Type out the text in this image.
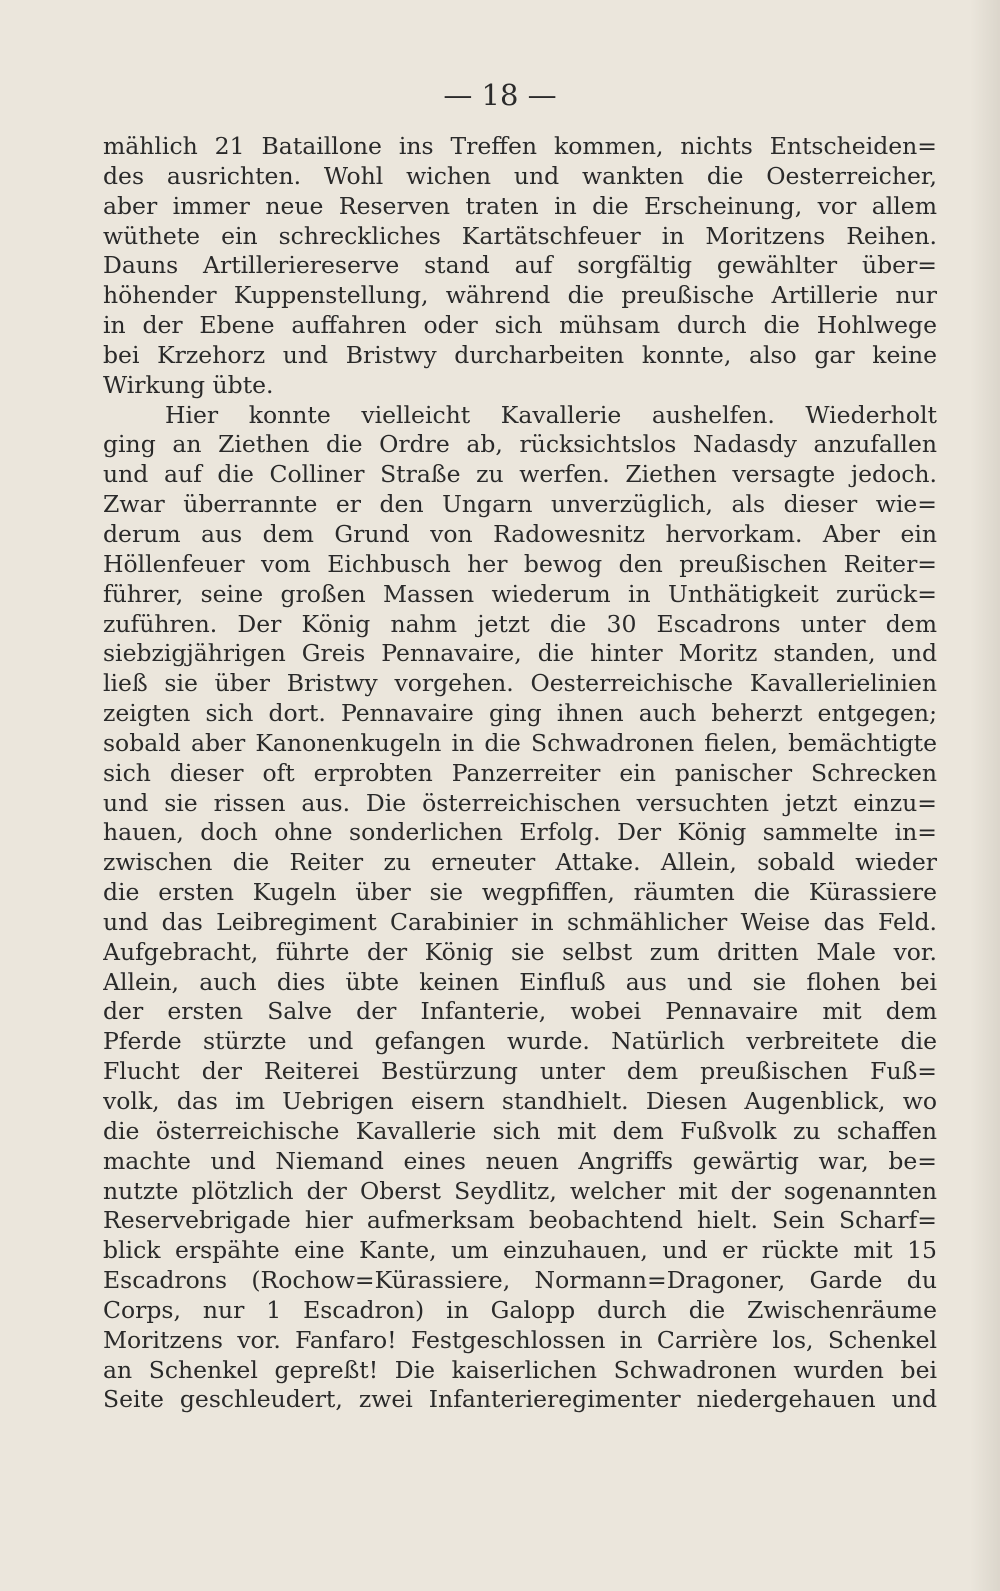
— 18 —
mählich 21 Bataillone ins Treffen kommen, nichts Entscheiden=
des ausrichten. Wohl wichen und wankten die Oesterreicher,
aber immer neue Reserven traten in die Erscheinung, vor allem
wüthete ein schreckliches Kartätschfeuer in Moritzens Reihen.
Dauns Artilleriereserve stand auf sorgfältig gewählter über=
höhender Kuppenstellung, während die preußische Artillerie nur
in der Ebene auffahren oder sich mühsam durch die Hohlwege
bei Krzehorz und Bristwy durcharbeiten konnte, also gar keine
Wirkung übte.
Hier konnte vielleicht Kavallerie aushelfen. Wiederholt
ging an Ziethen die Ordre ab, rücksichtslos Nadasdy anzufallen
und auf die Colliner Straße zu werfen. Ziethen versagte jedoch.
Zwar überrannte er den Ungarn unverzüglich, als dieser wie=
derum aus dem Grund von Radowesnitz hervorkam. Aber ein
Höllenfeuer vom Eichbusch her bewog den preußischen Reiter=
führer, seine großen Massen wiederum in Unthätigkeit zurück=
zuführen. Der König nahm jetzt die 30 Escadrons unter dem
siebzigjährigen Greis Pennavaire, die hinter Moritz standen, und
ließ sie über Bristwy vorgehen. Oesterreichische Kavallerielinien
zeigten sich dort. Pennavaire ging ihnen auch beherzt entgegen;
sobald aber Kanonenkugeln in die Schwadronen fielen, bemächtigte
sich dieser oft erprobten Panzerreiter ein panischer Schrecken
und sie rissen aus. Die österreichischen versuchten jetzt einzu=
hauen, doch ohne sonderlichen Erfolg. Der König sammelte in=
zwischen die Reiter zu erneuter Attake. Allein, sobald wieder
die ersten Kugeln über sie wegpfiffen, räumten die Kürassiere
und das Leibregiment Carabinier in schmählicher Weise das Feld.
Aufgebracht, führte der König sie selbst zum dritten Male vor.
Allein, auch dies übte keinen Einfluß aus und sie flohen bei
der ersten Salve der Infanterie, wobei Pennavaire mit dem
Pferde stürzte und gefangen wurde. Natürlich verbreitete die
Flucht der Reiterei Bestürzung unter dem preußischen Fuß=
volk, das im Uebrigen eisern standhielt. Diesen Augenblick, wo
die österreichische Kavallerie sich mit dem Fußvolk zu schaffen
machte und Niemand eines neuen Angriffs gewärtig war, be=
nutzte plötzlich der Oberst Seydlitz, welcher mit der sogenannten
Reservebrigade hier aufmerksam beobachtend hielt. Sein Scharf=
blick erspähte eine Kante, um einzuhauen, und er rückte mit 15
Escadrons (Rochow=Kürassiere, Normann=Dragoner, Garde du
Corps, nur 1 Escadron) in Galopp durch die Zwischenräume
Moritzens vor. Fanfaro! Festgeschlossen in Carrière los, Schenkel
an Schenkel gepreßt! Die kaiserlichen Schwadronen wurden bei
Seite geschleudert, zwei Infanterieregimenter niedergehauen und
